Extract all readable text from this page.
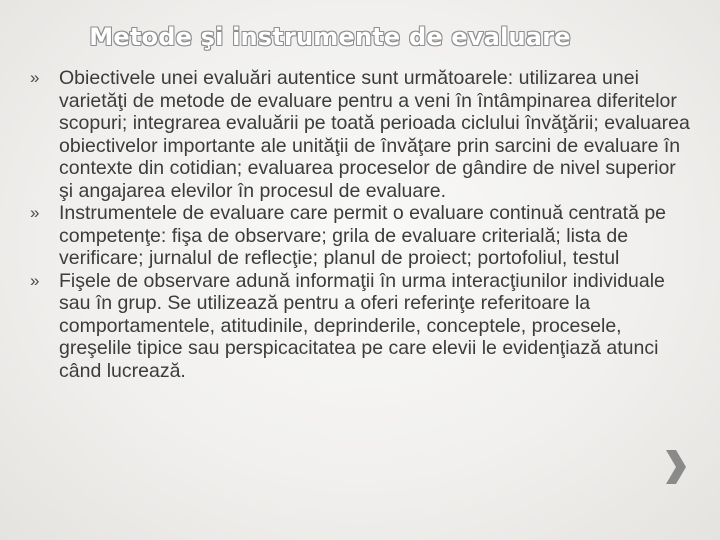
Metode şi instrumente de evaluare
»	Obiectivele unei evaluări autentice sunt următoarele: utilizarea unei varietăţi de metode de evaluare pentru a veni în întâmpinarea diferitelor scopuri; integrarea evaluării pe toată perioada ciclului învăţării; evaluarea obiectivelor importante ale unităţii de învăţare prin sarcini de evaluare în contexte din cotidian; evaluarea proceselor de gândire de nivel superior şi angajarea elevilor în procesul de evaluare.
»	Instrumentele de evaluare care permit o evaluare continuă centrată pe competenţe: fişa de observare; grila de evaluare criterială; lista de verificare; jurnalul de reflecţie; planul de proiect; portofoliul, testul
»	Fişele de observare adună informaţii în urma interacţiunilor individuale sau în grup. Se utilizează pentru a oferi referinţe referitoare la comportamentele, atitudinile, deprinderile, conceptele, procesele, greşelile tipice sau perspicacitatea pe care elevii le evidenţiază atunci când lucrează.
